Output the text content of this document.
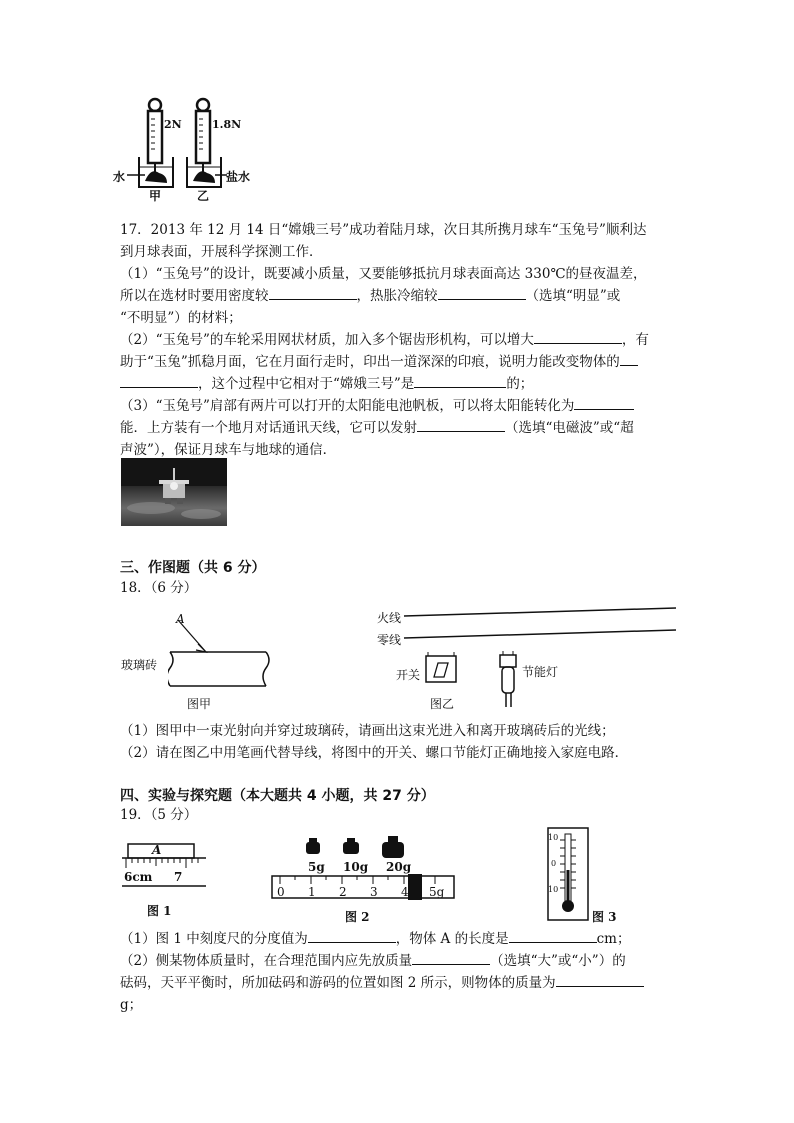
2N	1.8N
水	盐水
甲	乙
17．2013 年 12 月 14 日“嫦娥三号”成功着陆月球，次日其所携月球车“玉兔号”顺利达
到月球表面，开展科学探测工作．
（1）“玉兔号”的设计，既要减小质量，又要能够抵抗月球表面高达 330℃的昼夜温差，
所以在选材时要用密度较	，热胀冷缩较	（选填“明显”或
“不明显”）的材料；
（2）“玉兔号”的车轮采用网状材质，加入多个锯齿形机构，可以增大	，有
助于“玉兔”抓稳月面，它在月面行走时，印出一道深深的印痕，说明力能改变物体的
，这个过程中它相对于“嫦娥三号”是	的；
（3）“玉兔号”肩部有两片可以打开的太阳能电池帆板，可以将太阳能转化为
能．上方装有一个地月对话通讯天线，它可以发射	（选填“电磁波”或“超
声波”），保证月球车与地球的通信．
三、作图题（共 6 分）
18．（6 分）
A
玻璃砖
图甲
火线
零线
开关	节能灯
图乙
（1）图甲中一束光射向并穿过玻璃砖，请画出这束光进入和离开玻璃砖后的光线；
（2）请在图乙中用笔画代替导线，将图中的开关、螺口节能灯正确地接入家庭电路．
四、实验与探究题（本大题共 4 小题，共 27 分）
19．（5 分）
A
6cm 7
图 1
5g 10g 20g
0 1 2 3 4 5g
图 2
10
0
10
图 3
（1）图 1 中刻度尺的分度值为	，物体 A 的长度是	cm；
（2）侧某物体质量时，在合理范围内应先放质量	（选填“大”或“小”）的
砝码，天平平衡时，所加砝码和游码的位置如图 2 所示，则物体的质量为
g；
